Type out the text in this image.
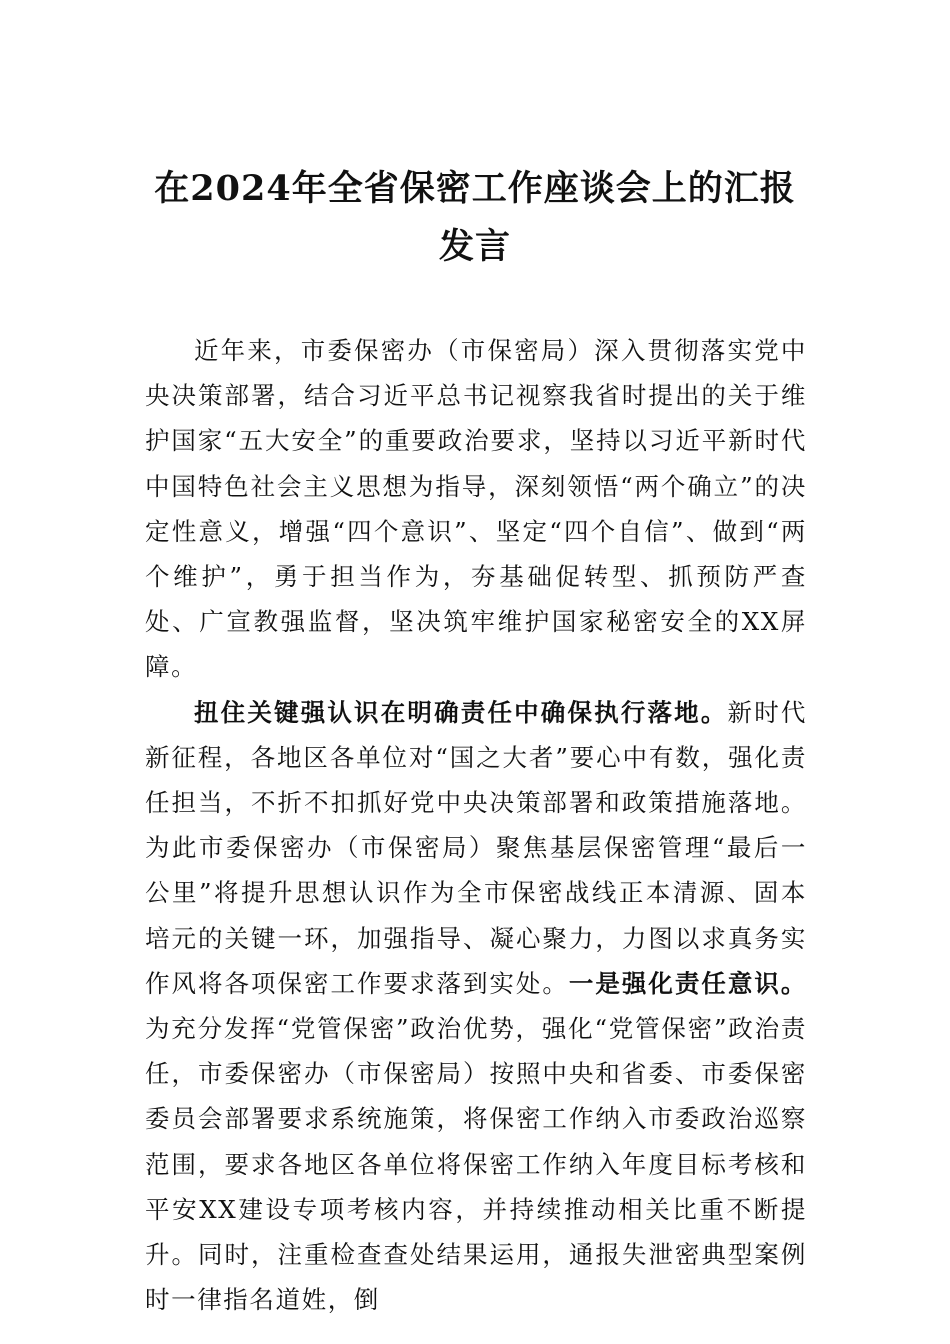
在2024年全省保密工作座谈会上的汇报发言

近年来，市委保密办（市保密局）深入贯彻落实党中央决策部署，结合习近平总书记视察我省时提出的关于维护国家“五大安全”的重要政治要求，坚持以习近平新时代中国特色社会主义思想为指导，深刻领悟“两个确立”的决定性意义，增强“四个意识”、坚定“四个自信”、做到“两个维护”，勇于担当作为，夯基础促转型、抓预防严查处、广宣教强监督，坚决筑牢维护国家秘密安全的XX屏障。

扭住关键强认识在明确责任中确保执行落地。新时代新征程，各地区各单位对“国之大者”要心中有数，强化责任担当，不折不扣抓好党中央决策部署和政策措施落地。为此市委保密办（市保密局）聚焦基层保密管理“最后一公里”将提升思想认识作为全市保密战线正本清源、固本培元的关键一环，加强指导、凝心聚力，力图以求真务实作风将各项保密工作要求落到实处。一是强化责任意识。为充分发挥“党管保密”政治优势，强化“党管保密”政治责任，市委保密办（市保密局）按照中央和省委、市委保密委员会部署要求系统施策，将保密工作纳入市委政治巡察范围，要求各地区各单位将保密工作纳入年度目标考核和平安XX建设专项考核内容，并持续推动相关比重不断提升。同时，注重检查查处结果运用，通报失泄密典型案例时一律指名道姓，倒
